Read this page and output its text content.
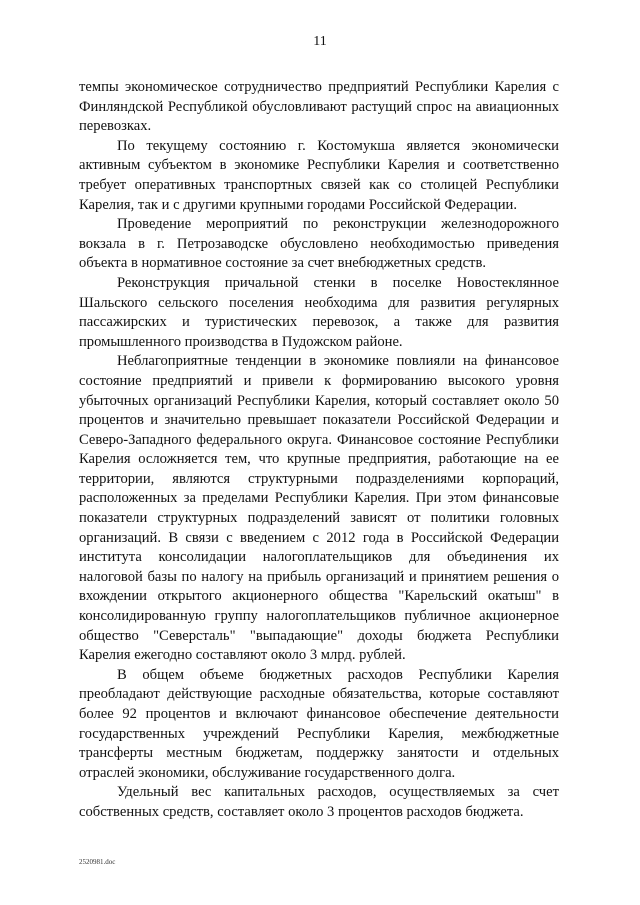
11

темпы экономическое сотрудничество предприятий Республики Карелия с Финляндской Республикой обусловливают растущий спрос на авиационных перевозках.

По текущему состоянию г. Костомукша является экономически активным субъектом в экономике Республики Карелия и соответственно требует оперативных транспортных связей как со столицей Республики Карелия, так и с другими крупными городами Российской Федерации.

Проведение мероприятий по реконструкции железнодорожного вокзала в г. Петрозаводске обусловлено необходимостью приведения объекта в нормативное состояние за счет внебюджетных средств.

Реконструкция причальной стенки в поселке Новостеклянное Шальского сельского поселения необходима для развития регулярных пассажирских и туристических перевозок, а также для развития промышленного производства в Пудожском районе.

Неблагоприятные тенденции в экономике повлияли на финансовое состояние предприятий и привели к формированию высокого уровня убыточных организаций Республики Карелия, который составляет около 50 процентов и значительно превышает показатели Российской Федерации и Северо-Западного федерального округа. Финансовое состояние Республики Карелия осложняется тем, что крупные предприятия, работающие на ее территории, являются структурными подразделениями корпораций, расположенных за пределами Республики Карелия. При этом финансовые показатели структурных подразделений зависят от политики головных организаций. В связи с введением с 2012 года в Российской Федерации института консолидации налогоплательщиков для объединения их налоговой базы по налогу на прибыль организаций и принятием решения о вхождении открытого акционерного общества "Карельский окатыш" в консолидированную группу налогоплательщиков публичное акционерное общество "Северсталь" "выпадающие" доходы бюджета Республики Карелия ежегодно составляют около 3 млрд. рублей.

В общем объеме бюджетных расходов Республики Карелия преобладают действующие расходные обязательства, которые составляют более 92 процентов и включают финансовое обеспечение деятельности государственных учреждений Республики Карелия, межбюджетные трансферты местным бюджетам, поддержку занятости и отдельных отраслей экономики, обслуживание государственного долга.

Удельный вес капитальных расходов, осуществляемых за счет собственных средств, составляет около 3 процентов расходов бюджета.

2520981.doc
